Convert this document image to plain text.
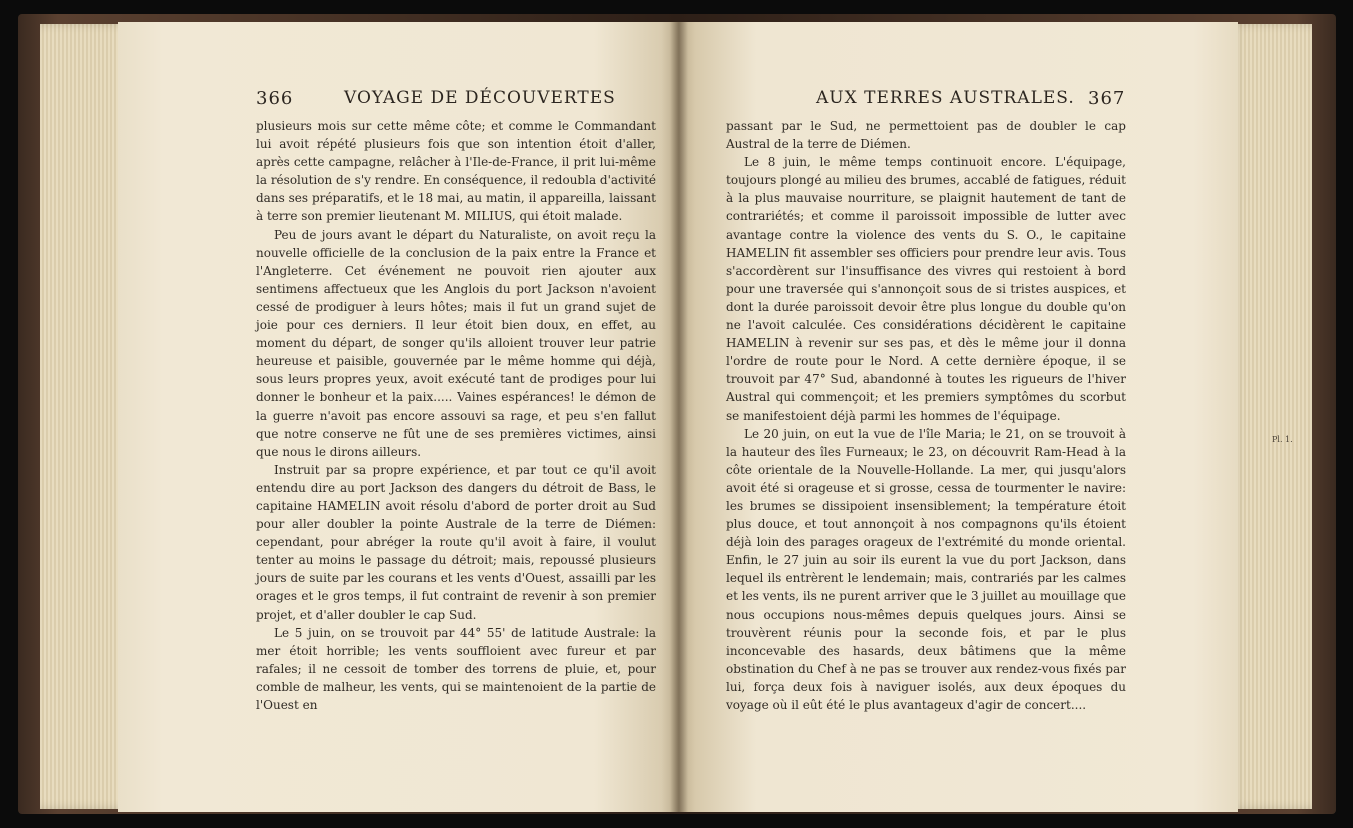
366	VOYAGE DE DÉCOUVERTES

plusieurs mois sur cette même côte; et comme le Commandant lui avoit répété plusieurs fois que son intention étoit d'aller, après cette campagne, relâcher à l'Ile-de-France, il prit lui-même la résolution de s'y rendre. En conséquence, il redoubla d'activité dans ses préparatifs, et le 18 mai, au matin, il appareilla, laissant à terre son premier lieutenant M. MILIUS, qui étoit malade.

Peu de jours avant le départ du Naturaliste, on avoit reçu la nouvelle officielle de la conclusion de la paix entre la France et l'Angleterre. Cet événement ne pouvoit rien ajouter aux sentimens affectueux que les Anglois du port Jackson n'avoient cessé de prodiguer à leurs hôtes; mais il fut un grand sujet de joie pour ces derniers. Il leur étoit bien doux, en effet, au moment du départ, de songer qu'ils alloient trouver leur patrie heureuse et paisible, gouvernée par le même homme qui déjà, sous leurs propres yeux, avoit exécuté tant de prodiges pour lui donner le bonheur et la paix..... Vaines espérances! le démon de la guerre n'avoit pas encore assouvi sa rage, et peu s'en fallut que notre conserve ne fût une de ses premières victimes, ainsi que nous le dirons ailleurs.

Instruit par sa propre expérience, et par tout ce qu'il avoit entendu dire au port Jackson des dangers du détroit de Bass, le capitaine HAMELIN avoit résolu d'abord de porter droit au Sud pour aller doubler la pointe Australe de la terre de Diémen: cependant, pour abréger la route qu'il avoit à faire, il voulut tenter au moins le passage du détroit; mais, repoussé plusieurs jours de suite par les courans et les vents d'Ouest, assailli par les orages et le gros temps, il fut contraint de revenir à son premier projet, et d'aller doubler le cap Sud.

Le 5 juin, on se trouvoit par 44° 55' de latitude Australe: la mer étoit horrible; les vents souffloient avec fureur et par rafales; il ne cessoit de tomber des torrens de pluie, et, pour comble de malheur, les vents, qui se maintenoient de la partie de l'Ouest en

AUX TERRES AUSTRALES. 367

passant par le Sud, ne permettoient pas de doubler le cap Austral de la terre de Diémen.

Le 8 juin, le même temps continuoit encore. L'équipage, toujours plongé au milieu des brumes, accablé de fatigues, réduit à la plus mauvaise nourriture, se plaignit hautement de tant de contrariétés; et comme il paroissoit impossible de lutter avec avantage contre la violence des vents du S. O., le capitaine HAMELIN fit assembler ses officiers pour prendre leur avis. Tous s'accordèrent sur l'insuffisance des vivres qui restoient à bord pour une traversée qui s'annonçoit sous de si tristes auspices, et dont la durée paroissoit devoir être plus longue du double qu'on ne l'avoit calculée. Ces considérations décidèrent le capitaine HAMELIN à revenir sur ses pas, et dès le même jour il donna l'ordre de route pour le Nord. A cette dernière époque, il se trouvoit par 47° Sud, abandonné à toutes les rigueurs de l'hiver Austral qui commençoit; et les premiers symptômes du scorbut se manifestoient déjà parmi les hommes de l'équipage.

Le 20 juin, on eut la vue de l'île Maria; le 21, on se trouvoit à la hauteur des îles Furneaux; le 23, on découvrit Ram-Head à la côte orientale de la Nouvelle-Hollande. La mer, qui jusqu'alors avoit été si orageuse et si grosse, cessa de tourmenter le navire: les brumes se dissipoient insensiblement; la température étoit plus douce, et tout annonçoit à nos compagnons qu'ils étoient déjà loin des parages orageux de l'extrémité du monde oriental. Enfin, le 27 juin au soir ils eurent la vue du port Jackson, dans lequel ils entrèrent le lendemain; mais, contrariés par les calmes et les vents, ils ne purent arriver que le 3 juillet au mouillage que nous occupions nous-mêmes depuis quelques jours. Ainsi se trouvèrent réunis pour la seconde fois, et par le plus inconcevable des hasards, deux bâtimens que la même obstination du Chef à ne pas se trouver aux rendez-vous fixés par lui, força deux fois à naviguer isolés, aux deux époques du voyage où il eût été le plus avantageux d'agir de concert....

Pl. 1.
